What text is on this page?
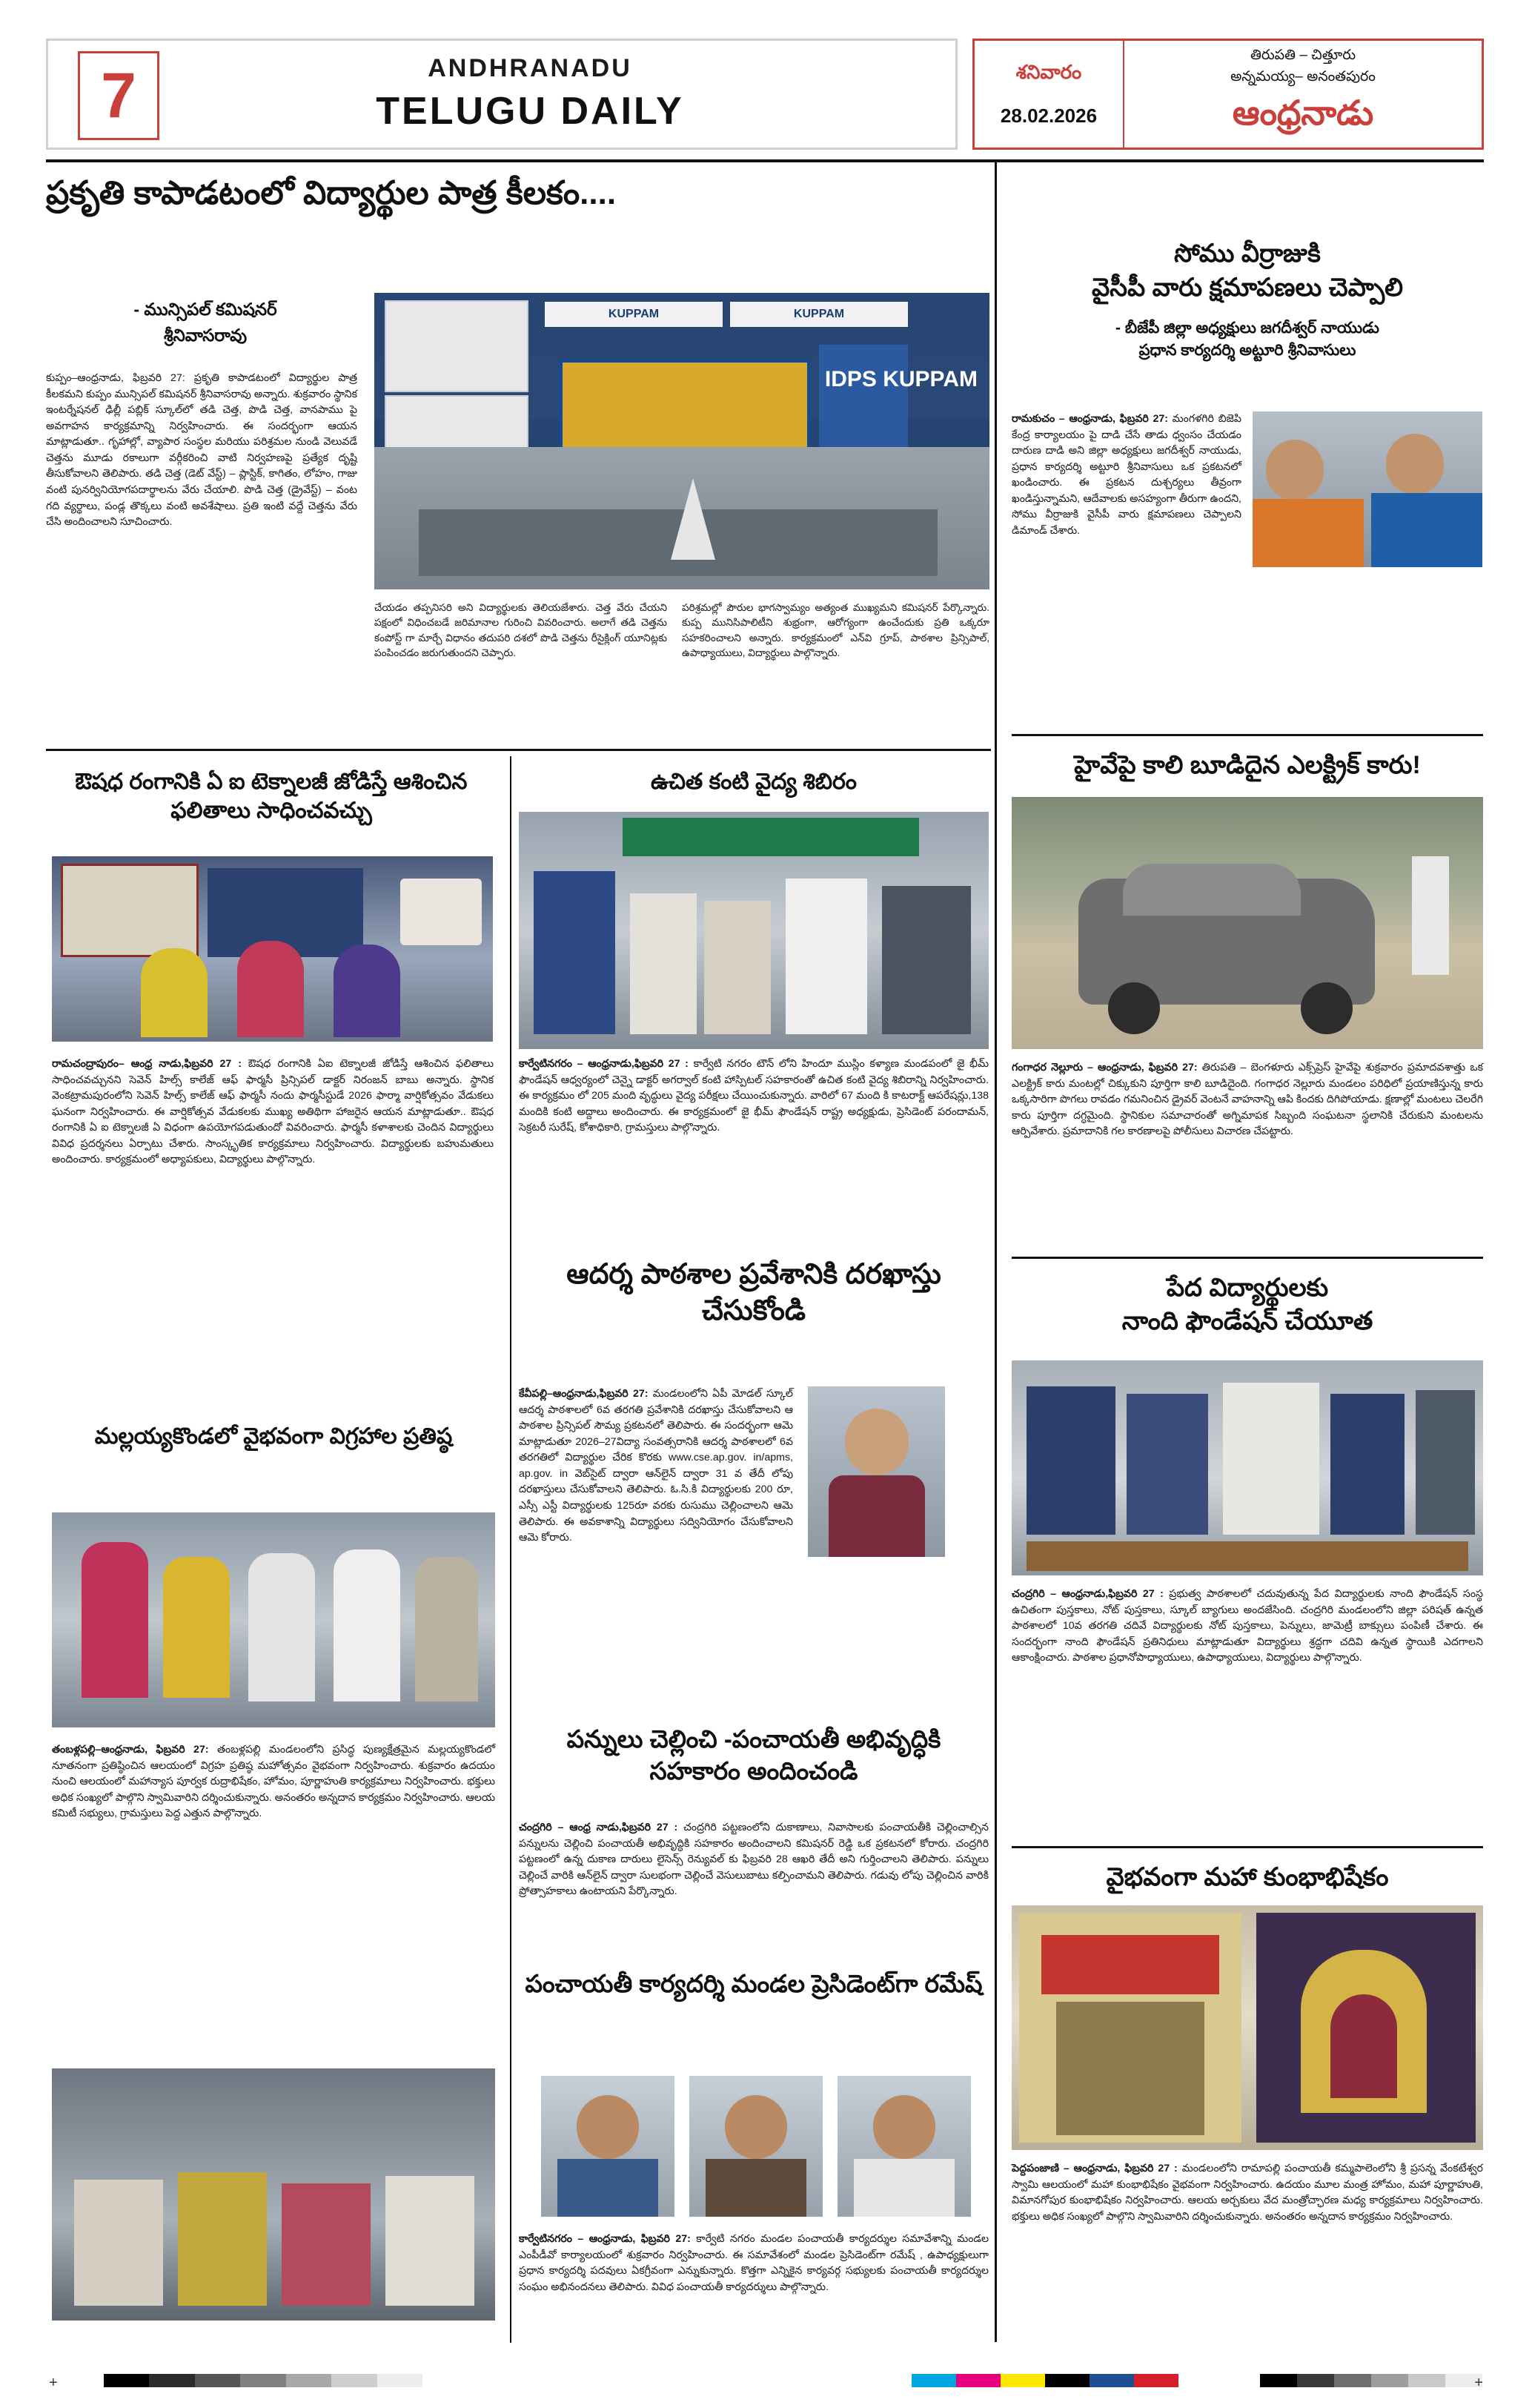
7	ANDHRANADU
TELUGU DAILY
శనివారం
28.02.2026
తిరుపతి – చిత్తూరు
అన్నమయ్య– అనంతపురం
ఆంధ్రనాడు
ప్రకృతి కాపాడటంలో విద్యార్థుల పాత్ర కీలకం....
- మున్సిపల్ కమిషనర్
శ్రీనివాసరావు
KUPPAM	KUPPAM
IDPS KUPPAM
కుప్పం–ఆంధ్రనాడు, ఫిబ్రవరి 27: ప్రకృతి కాపాడటంలో విద్యార్థుల పాత్ర కీలకమని కుప్పం మున్సిపల్ కమిషనర్ శ్రీనివాసరావు అన్నారు. శుక్రవారం స్థానిక ఇంటర్నేషనల్ ఢిల్లీ పబ్లిక్ స్కూల్‌లో తడి చెత్త, పొడి చెత్త, వానపాము పై అవగాహన కార్యక్రమాన్ని నిర్వహించారు. ఈ సందర్భంగా ఆయన మాట్లాడుతూ.. గృహాల్లో, వ్యాపార సంస్థల మరియు పరిశ్రమల నుండి వెలువడే చెత్తను మూడు రకాలుగా వర్గీకరించి వాటి నిర్వహణపై ప్రత్యేక దృష్టి తీసుకోవాలని తెలిపారు. తడి చెత్త (డెట్ వేస్ట్) – ప్లాస్టిక్, కాగితం, లోహం, గాజు వంటి పునర్వినియోగపదార్థాలను వేరు చేయాలి. పొడి చెత్త (డ్రైవేస్ట్) – వంట గది వ్యర్థాలు, పండ్ల తొక్కలు వంటి అవశేషాలు. ప్రతి ఇంటి వద్దే చెత్తను వేరు చేసి అందించాలని సూచించారు.
చేయడం తప్పనిసరి అని విద్యార్థులకు తెలియజేశారు. చెత్త వేరు చేయని పక్షంలో విధించబడే జరిమానాల గురించి వివరించారు. అలాగే తడి చెత్తను కంపోస్ట్ గా మార్చే విధానం తదుపరి దశలో పొడి చెత్తను రీసైక్లింగ్ యూనిట్లకు పంపించడం జరుగుతుందని చెప్పారు.
పరిశ్రమల్లో పౌరుల భాగస్వామ్యం అత్యంత ముఖ్యమని కమిషనర్ పేర్కొన్నారు. కుప్ప మునిసిపాలిటీని శుభ్రంగా, ఆరోగ్యంగా ఉంచేందుకు ప్రతి ఒక్కరూ సహకరించాలని అన్నారు. కార్యక్రమంలో ఎన్‌వి గ్రూప్, పాఠశాల ప్రిన్సిపాల్, ఉపాధ్యాయులు, విద్యార్థులు పాల్గొన్నారు.
ఔషధ రంగానికి ఏ ఐ టెక్నాలజీ జోడిస్తే ఆశించిన ఫలితాలు సాధించవచ్చు
రామచంద్రాపురం– ఆంధ్ర నాడు,ఫిబ్రవరి 27 : ఔషధ రంగానికి ఏఐ టెక్నాలజీ జోడిస్తే ఆశించిన ఫలితాలు సాధించవచ్చునని సెవెన్ హిల్స్ కాలేజ్ ఆఫ్ ఫార్మసీ ప్రిన్సిపల్ డాక్టర్ నిరంజన్ బాబు అన్నారు. స్థానిక వెంకట్రామపురంలోని సెవెన్ హిల్స్ కాలేజ్ ఆఫ్ ఫార్మసీ నందు ఫార్మసీస్టుడే 2026 ఫార్మా వార్షికోత్సవం వేడుకలు ఘనంగా నిర్వహించారు. ఈ వార్షికోత్సవ వేడుకలకు ముఖ్య అతిథిగా హాజరైన ఆయన మాట్లాడుతూ.. ఔషధ రంగానికి ఏ ఐ టెక్నాలజీ ఏ విధంగా ఉపయోగపడుతుందో వివరించారు. ఫార్మసీ కళాశాలకు చెందిన విద్యార్థులు వివిధ ప్రదర్శనలు ఏర్పాటు చేశారు. సాంస్కృతిక కార్యక్రమాలు నిర్వహించారు. విద్యార్థులకు బహుమతులు అందించారు. కార్యక్రమంలో అధ్యాపకులు, విద్యార్థులు పాల్గొన్నారు.
మల్లయ్యకొండలో వైభవంగా విగ్రహాల ప్రతిష్ఠ
తంబళ్లపల్లి–ఆంధ్రనాడు, ఫిబ్రవరి 27: తంబళ్లపల్లి మండలంలోని ప్రసిద్ధ పుణ్యక్షేత్రమైన మల్లయ్యకొండలో నూతనంగా ప్రతిష్ఠించిన ఆలయంలో విగ్రహ ప్రతిష్ఠ మహోత్సవం వైభవంగా నిర్వహించారు. శుక్రవారం ఉదయం నుంచి ఆలయంలో మహాన్యాస పూర్వక రుద్రాభిషేకం, హోమం, పూర్ణాహుతి కార్యక్రమాలు నిర్వహించారు. భక్తులు అధిక సంఖ్యలో పాల్గొని స్వామివారిని దర్శించుకున్నారు. అనంతరం అన్నదాన కార్యక్రమం నిర్వహించారు. ఆలయ కమిటీ సభ్యులు, గ్రామస్తులు పెద్ద ఎత్తున పాల్గొన్నారు.
ఉచిత కంటి వైద్య శిబిరం
కార్వేటినగరం – ఆంధ్రనాడు,ఫిబ్రవరి 27 : కార్వేటి నగరం టౌన్ లోని హిందూ ముస్లిం కళ్యాణ మండపంలో జై భీమ్ ఫౌండేషన్ ఆధ్వర్యంలో చెన్నై డాక్టర్ అగర్వాల్ కంటి హాస్పిటల్ సహకారంతో ఉచిత కంటి వైద్య శిబిరాన్ని నిర్వహించారు. ఈ కార్యక్రమం లో 205 మంది వృద్ధులు వైద్య పరీక్షలు చేయించుకున్నారు. వారిలో 67 మంది కి కాటరాక్ట్ ఆపరేషన్లు,138 మందికి కంటి అద్దాలు అందించారు. ఈ కార్యక్రమంలో జై భీమ్ ఫౌండేషన్ రాష్ట్ర అధ్యక్షుడు, ప్రెసిడెంట్ పరందామన్, సెక్రటరీ సురేష్, కోశాధికారి, గ్రామస్తులు పాల్గొన్నారు.
ఆదర్శ పాఠశాల ప్రవేశానికి దరఖాస్తు చేసుకోండి
కేవీపల్లి–ఆంధ్రనాడు,ఫిబ్రవరి 27: మండలంలోని ఏపీ మోడల్ స్కూల్ ఆదర్శ పాఠశాలలో 6వ తరగతి ప్రవేశానికి దరఖాస్తు చేసుకోవాలని ఆ పాఠశాల ప్రిన్సిపల్ సౌమ్య ప్రకటనలో తెలిపారు. ఈ సందర్భంగా ఆమె మాట్లాడుతూ 2026–27విద్యా సంవత్సరానికి ఆదర్శ పాఠశాలలో 6వ తరగతిలో విద్యార్థుల చేరిక కొరకు www.cse.ap.gov. in/apms, ap.gov. in వెబ్‌సైట్ ద్వారా ఆన్‌లైన్ ద్వారా 31 వ తేదీ లోపు దరఖాస్తులు చేసుకోవాలని తెలిపారు. ఓ.సి.కి విద్యార్థులకు 200 రూ, ఎస్సీ ఎస్టీ విద్యార్థులకు 125రూ వరకు రుసుము చెల్లించాలని ఆమె తెలిపారు. ఈ అవకాశాన్ని విద్యార్థులు సద్వినియోగం చేసుకోవాలని ఆమె కోరారు.
పన్నులు చెల్లించి -పంచాయతీ అభివృద్ధికి సహకారం అందించండి
చంద్రగిరి – ఆంధ్ర నాడు,ఫిబ్రవరి 27 : చంద్రగిరి పట్టణంలోని దుకాణాలు, నివాసాలకు పంచాయతీకి చెల్లించాల్సిన పన్నులను చెల్లించి పంచాయతీ అభివృద్ధికి సహకారం అందించాలని కమిషనర్ రెడ్డి ఒక ప్రకటనలో కోరారు. చంద్రగిరి పట్టణంలో ఉన్న దుకాణ దారులు లైసెన్స్ రెన్యువల్ కు ఫిబ్రవరి 28 ఆఖరి తేదీ అని గుర్తించాలని తెలిపారు. పన్నులు చెల్లించే వారికి ఆన్‌లైన్ ద్వారా సులభంగా చెల్లించే వెసులుబాటు కల్పించామని తెలిపారు. గడువు లోపు చెల్లించిన వారికి ప్రోత్సాహకాలు ఉంటాయని పేర్కొన్నారు.
పంచాయతీ కార్యదర్శి మండల ప్రెసిడెంట్‌గా రమేష్
కార్వేటినగరం – ఆంధ్రనాడు, ఫిబ్రవరి 27: కార్వేటి నగరం మండల పంచాయతీ కార్యదర్శుల సమావేశాన్ని మండల ఎంపీడీవో కార్యాలయంలో శుక్రవారం నిర్వహించారు. ఈ సమావేశంలో మండల ప్రెసిడెంట్‌గా రమేష్ , ఉపాధ్యక్షులుగా ప్రధాన కార్యదర్శి పదవులు ఏకగ్రీవంగా ఎన్నుకున్నారు. కొత్తగా ఎన్నికైన కార్యవర్గ సభ్యులకు పంచాయతీ కార్యదర్శుల సంఘం అభినందనలు తెలిపారు. వివిధ పంచాయతీ కార్యదర్శులు పాల్గొన్నారు.
సోము వీర్రాజుకి
వైసీపీ వారు క్షమాపణలు చెప్పాలి
- బీజేపీ జిల్లా అధ్యక్షులు జగదీశ్వర్ నాయుడు
ప్రధాన కార్యదర్శి అట్టూరి శ్రీనివాసులు
రామకుచం – ఆంధ్రనాడు, ఫిబ్రవరి 27: మంగళగిరి బిజెపి కేంద్ర కార్యాలయం పై దాడి చేసే తాడు ధ్వంసం చేయడం దారుణ దాడి అని జిల్లా అధ్యక్షులు జగదీశ్వర్ నాయుడు, ప్రధాన కార్యదర్శి అట్టూరి శ్రీనివాసులు ఒక ప్రకటనలో ఖండించారు. ఈ ప్రకటన దుశ్చర్యలు తీవ్రంగా ఖండిస్తున్నామని, ఆదేవాలకు అసహ్యంగా తీరుగా ఉందని, సోము వీర్రాజుకి వైసీపీ వారు క్షమాపణలు చెప్పాలని డిమాండ్ చేశారు.
హైవేపై కాలి బూడిదైన ఎలక్ట్రిక్ కారు!
గంగాధర నెల్లూరు – ఆంధ్రనాడు, ఫిబ్రవరి 27: తిరుపతి – బెంగళూరు ఎక్స్‌ప్రెస్ హైవేపై శుక్రవారం ప్రమాదవశాత్తు ఒక ఎలక్ట్రిక్ కారు మంటల్లో చిక్కుకుని పూర్తిగా కాలి బూడిదైంది. గంగాధర నెల్లూరు మండలం పరిధిలో ప్రయాణిస్తున్న కారు ఒక్కసారిగా పొగలు రావడం గమనించిన డ్రైవర్ వెంటనే వాహనాన్ని ఆపి కిందకు దిగిపోయాడు. క్షణాల్లో మంటలు చెలరేగి కారు పూర్తిగా దగ్ధమైంది. స్థానికుల సమాచారంతో అగ్నిమాపక సిబ్బంది సంఘటనా స్థలానికి చేరుకుని మంటలను ఆర్పివేశారు. ప్రమాదానికి గల కారణాలపై పోలీసులు విచారణ చేపట్టారు.
పేద విద్యార్థులకు
నాంది ఫౌండేషన్ చేయూత
చంద్రగిరి – ఆంధ్రనాడు,ఫిబ్రవరి 27 : ప్రభుత్వ పాఠశాలలో చదువుతున్న పేద విద్యార్థులకు నాంది ఫౌండేషన్ సంస్థ ఉచితంగా పుస్తకాలు, నోట్ పుస్తకాలు, స్కూల్ బ్యాగులు అందజేసింది. చంద్రగిరి మండలంలోని జిల్లా పరిషత్ ఉన్నత పాఠశాలలో 10వ తరగతి చదివే విద్యార్థులకు నోట్ పుస్తకాలు, పెన్నులు, జామెట్రీ బాక్సులు పంపిణీ చేశారు. ఈ సందర్భంగా నాంది ఫౌండేషన్ ప్రతినిధులు మాట్లాడుతూ విద్యార్థులు శ్రద్ధగా చదివి ఉన్నత స్థాయికి ఎదగాలని ఆకాంక్షించారు. పాఠశాల ప్రధానోపాధ్యాయులు, ఉపాధ్యాయులు, విద్యార్థులు పాల్గొన్నారు.
వైభవంగా మహా కుంభాభిషేకం
పెద్దపంజాణి – ఆంధ్రనాడు, ఫిబ్రవరి 27 : మండలంలోని రామాపల్లి పంచాయతీ కమ్మపాలెంలోని శ్రీ ప్రసన్న వేంకటేశ్వర స్వామి ఆలయంలో మహా కుంభాభిషేకం వైభవంగా నిర్వహించారు. ఉదయం మూల మంత్ర హోమం, మహా పూర్ణాహుతి, విమానగోపుర కుంభాభిషేకం నిర్వహించారు. ఆలయ అర్చకులు వేద మంత్రోచ్ఛారణ మధ్య కార్యక్రమాలు నిర్వహించారు. భక్తులు అధిక సంఖ్యలో పాల్గొని స్వామివారిని దర్శించుకున్నారు. అనంతరం అన్నదాన కార్యక్రమం నిర్వహించారు.
+	+
